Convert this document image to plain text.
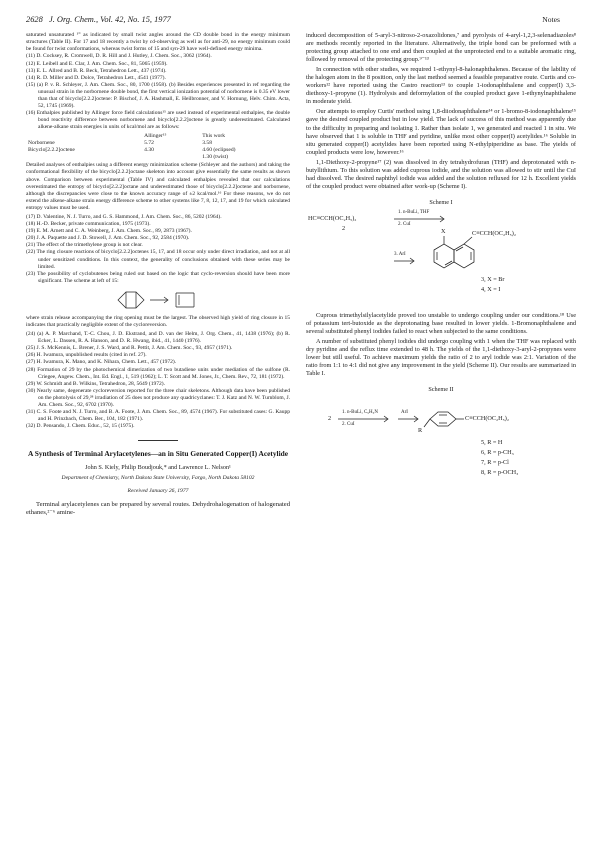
2628 J. Org. Chem., Vol. 42, No. 15, 1977	Notes

saturated unsaturated ¹° as indicated by small twist angles around the CD double bond in the energy minimum structures (Table II). For 17 and 18 recently a twist by cd-observing as well as for anti-29, no energy minimum could be found for twist conformations, whereas twist forms of 15 and syn-29 have well-defined energy minima.

(11) D. Cocksey, R. Cromwell, D. R. Hill and J. Hutley, J. Chem. Soc., 3062 (1964).

(12) E. Leibell and E. Clar, J. Am. Chem. Soc., 81, 5065 (1959).

(13) E. L. Allred and B. R. Beck, Tetrahedron Lett., 437 (1974).

(14) R. D. Miller and D. Dolce, Tetrahedron Lett., 4541 (1977).

(15) (a) P. v. R. Schleyer, J. Am. Chem. Soc., 80, 1700 (1958). (b) Besides experiences presented in ref regarding the unusual strain in the norbornene double bond, the first vertical ionization potential of norbornene is 0.35 eV lower than that of bicyclo[2.2.2]octene: P. Bischof, J. A. Hashmall, E. Heilbronner, and V. Hornung, Helv. Chim. Acta, 52, 1745 (1969).

(16) Enthalpies published by Allinger force field calculations¹⁵ are used instead of experimental enthalpies, the double bond reactivity difference between norbornene and bicyclo[2.2.2]octene is greatly underestimated. Calculated alkene-alkane strain energies in units of kcal/mol are as follows:

	Allinger¹⁵	This work
Norbornene	5.72	3.58
Bicyclo[2.2.2]octene	4.30	4.60 (eclipsed)
		1.30 (twist)

Detailed analyses of enthalpies using a different energy minimization scheme (Schleyer and the authors) and taking the conformational flexibility of the bicyclo[2.2.2]octane skeleton into account give essentially the same results as shown above. Comparison between experimental (Table IV) and calculated enthalpies revealed that our calculations overestimated the entropy of bicyclo[2.2.2]octane and underestimated those of bicyclo[2.2.2]octene and norbornene, although the discrepancies were close to the known accuracy range of ±2 kcal/mol.¹⁶ For these reasons, we do not extend the alkene-alkane strain energy difference scheme to other systems like 7, 8, 12, 17, and 19 for which calculated entropy values must be used.

(17) D. Valentine, N. J. Turro, and G. S. Hammond, J. Am. Chem. Soc., 86, 5202 (1964).

(18) H.-D. Becker, private communication, 1975 (1973).

(19) E. M. Arnett and C. A. Weinberg, J. Am. Chem. Soc., 89, 2873 (1967).

(20) J. A. Paquette and J. D. Stowell, J. Am. Chem. Soc., 92, 2584 (1970).

(21) The effect of the trimethylene group is not clear.

(22) The ring closure reactions of bicyclo[2.2.2]octenes 15, 17, and 18 occur only under direct irradiation, and not at all under sensitized conditions. In this context, the generality of conclusions obtained with these series may be limited.

(23) The possibility of cyclobutenes being ruled out based on the logic that cyclo-reversion should have been more significant. The scheme at left of 15:

where strain release accompanying the ring opening must be the largest. The observed high yield of ring closure in 15 indicates that practically negligible extent of the cycloreversion.

(24) (a) A. P. Marchand, T.-C. Chou, J. D. Ekstrand, and D. van der Helm, J. Org. Chem., 41, 1438 (1976); (b) R. Ecker, L. Dassen, R. A. Hanson, and D. R. Hwang, ibid., 41, 1440 (1976).

(25) J. S. McKennis, L. Brener, J. S. Ward, and R. Pettit, J. Am. Chem. Soc., 93, 4957 (1971).

(26) H. Iwamura, unpublished results (cited in ref. 27).

(27) H. Iwamura, K. Mano, and K. Nihara, Chem. Lett., 457 (1972).

(28) Formation of 29 by the photochemical dimerization of two butadiene units under mediation of the sulfone (R. Criegee, Angew. Chem., Int. Ed. Engl., 1, 519 (1962); L. T. Scott and M. Jones, Jr., Chem. Rev., 72, 181 (1972).

(29) W. Schmidt and B. Wilkins, Tetrahedron, 28, 5649 (1972).

(30) Nearly same, degenerate cycloreversion reported for the three chair skeletons. Although data have been published on the photolysis of 29,²⁸ irradiation of 25 does not produce any quadricyclanes: T. J. Katz and N. W. Turnblom, J. Am. Chem. Soc., 92, 6702 (1970).

(31) C. S. Foote and N. J. Turro, and B. A. Foote, J. Am. Chem. Soc., 89, 4574 (1967). For substituted cases: G. Kaupp and H. Prinzbach, Chem. Ber., 104, 182 (1971).

(32) D. Pensando, J. Chem. Educ., 52, 15 (1975).

A Synthesis of Terminal Arylacetylenes—an in Situ Generated Copper(I) Acetylide
John S. Kiely, Philip Boudjouk,* and Lawrence L. Nelson¹
Department of Chemistry, North Dakota State University, Fargo, North Dakota 58102
Received January 26, 1977

Terminal arylacetylenes can be prepared by several routes. Dehydrohalogenation of halogenated ethanes,²⁻⁶ amine-

induced decomposition of 5-aryl-3-nitroso-2-oxazolidones,⁷ and pyrolysis of 4-aryl-1,2,3-selenadiazoles⁸ are methods recently reported in the literature. Alternatively, the triple bond can be preformed with a protecting group attached to one end and then coupled at the unprotected end to a suitable aromatic ring, followed by removal of the protecting group.⁹⁻¹³

In connection with other studies, we required 1-ethynyl-8-halonaphthalenes. Because of the lability of the halogen atom in the 8 position, only the last method seemed a feasible preparative route. Curtis and co-workers¹² have reported using the Castro reaction¹³ to couple 1-iodonaphthalene and copper(I) 3,3-diethoxy-1-propyne (1). Hydrolysis and deformylation of the coupled product gave 1-ethynylnaphthalene in moderate yield.

Our attempts to employ Curtis' method using 1,8-diiodonaphthalene¹⁴ or 1-bromo-8-iodonaphthalene¹⁵ gave the desired coupled product but in low yield. The lack of success of this method was apparently due to the difficulty in preparing and isolating 1. Rather than isolate 1, we generated and reacted 1 in situ. We have observed that 1 is soluble in THF and pyridine, unlike most other copper(I) acetylides.¹⁶ Soluble in situ generated copper(I) acetylides have been reported using N-ethylpiperidine as base. The yields of coupled products were low, however.¹⁶

1,1-Diethoxy-2-propyne¹⁷ (2) was dissolved in dry tetrahydrofuran (THF) and deprotonated with n-butyllithium. To this solution was added cuprous iodide, and the solution was allowed to stir until the CuI had dissolved. The desired naphthyl iodide was added and the solution refluxed for 12 h. Excellent yields of the coupled product were obtained after work-up (Scheme I).

Scheme I
HC≡CCH(OC₂H₅)₂
2
1. n-BuLi, THF
2. CuI
3. ArI
X	C≡CCH(OC₂H₅)₂
3, X = Br
4, X = I

Cuprous trimethylsilylacetylide proved too unstable to undergo coupling under our conditions.¹⁸ Use of potassium tert-butoxide as the deprotonating base resulted in lower yields. 1-Bromonaphthalene and several substituted phenyl iodides failed to react when subjected to the same conditions.

A number of substituted phenyl iodides did undergo coupling with 1 when the THF was replaced with dry pyridine and the reflux time extended to 48 h. The yields of the 1,1-diethoxy-3-aryl-2-propynes were lower but still useful. To achieve maximum yields the ratio of 2 to aryl iodide was 2:1. Variation of the ratio from 1:1 to 4:1 did not give any improvement in the yield (Scheme II). Our results are summarized in Table I.

Scheme II
2
1. n-BuLi, C₅H₅N
2. CuI
ArI
C≡CCH(OC₂H₅)₂
R
5, R = H
6, R = p-CH₃
7, R = p-Cl
8, R = p-OCH₃
